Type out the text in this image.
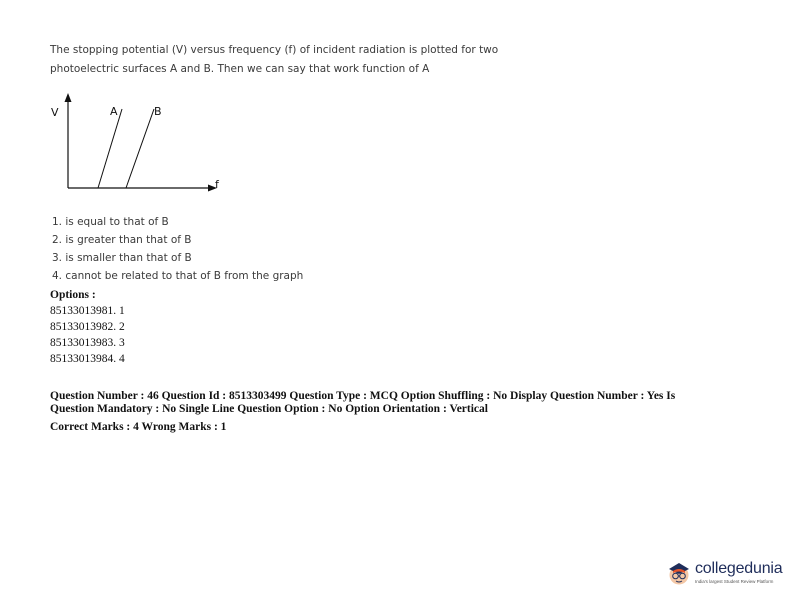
The stopping potential (V) versus frequency (f) of incident radiation is plotted for two
photoelectric surfaces A and B. Then we can say that work function of A
V
f
A	B
1. is equal to that of B
2. is greater than that of B
3. is smaller than that of B
4. cannot be related to that of B from the graph
Options :
85133013981. 1
85133013982. 2
85133013983. 3
85133013984. 4
Question Number : 46 Question Id : 8513303499 Question Type : MCQ Option Shuffling : No Display Question Number : Yes Is
Question Mandatory : No Single Line Question Option : No Option Orientation : Vertical
Correct Marks : 4 Wrong Marks : 1
collegedunia
India's largest Student Review Platform
